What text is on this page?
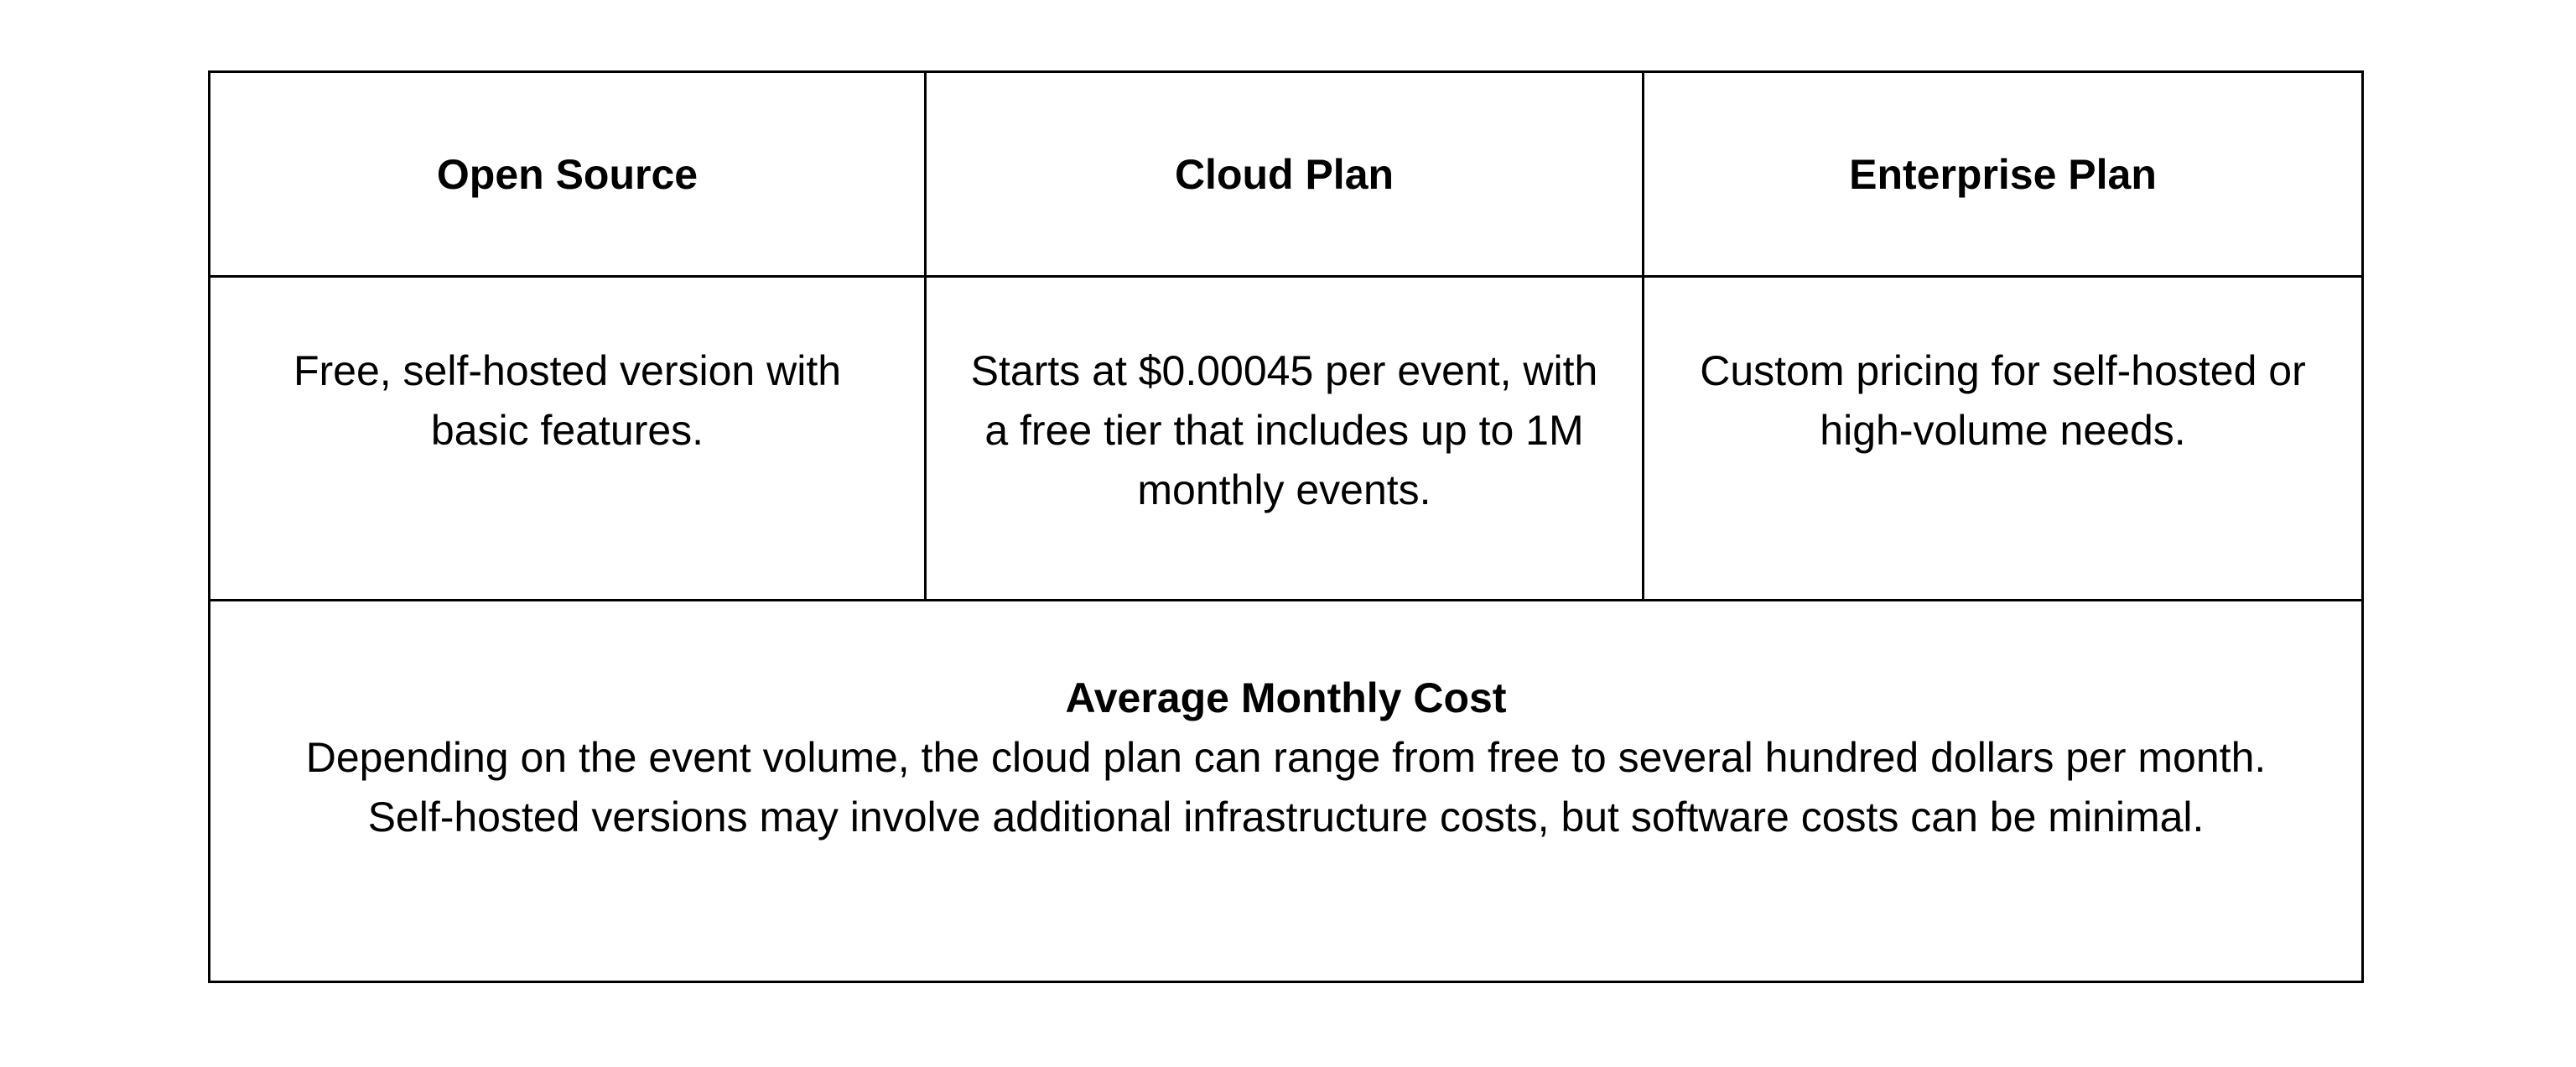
Open Source	Cloud Plan	Enterprise Plan
Free, self-hosted version with basic features.	Starts at $0.00045 per event, with a free tier that includes up to 1M monthly events.	Custom pricing for self-hosted or high-volume needs.

Average Monthly Cost
Depending on the event volume, the cloud plan can range from free to several hundred dollars per month. Self-hosted versions may involve additional infrastructure costs, but software costs can be minimal.		
